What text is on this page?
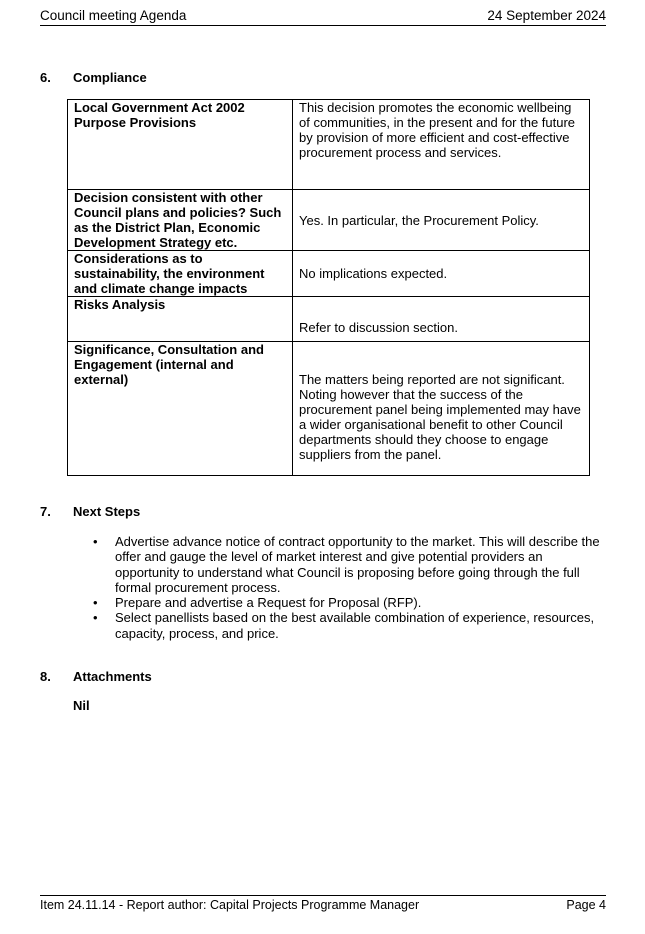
Council meeting Agenda	24 September 2024
6. Compliance
Local Government Act 2002 Purpose Provisions	This decision promotes the economic wellbeing of communities, in the present and for the future by provision of more efficient and cost-effective procurement process and services.
Decision consistent with other Council plans and policies? Such as the District Plan, Economic Development Strategy etc.	Yes. In particular, the Procurement Policy.
Considerations as to sustainability, the environment and climate change impacts	No implications expected.
Risks Analysis	Refer to discussion section.
Significance, Consultation and Engagement (internal and external)	The matters being reported are not significant. Noting however that the success of the procurement panel being implemented may have a wider organisational benefit to other Council departments should they choose to engage suppliers from the panel.
7. Next Steps
• Advertise advance notice of contract opportunity to the market. This will describe the offer and gauge the level of market interest and give potential providers an opportunity to understand what Council is proposing before going through the full formal procurement process.
• Prepare and advertise a Request for Proposal (RFP).
• Select panellists based on the best available combination of experience, resources, capacity, process, and price.
8. Attachments
Nil
Item 24.11.14 - Report author: Capital Projects Programme Manager	Page 4
